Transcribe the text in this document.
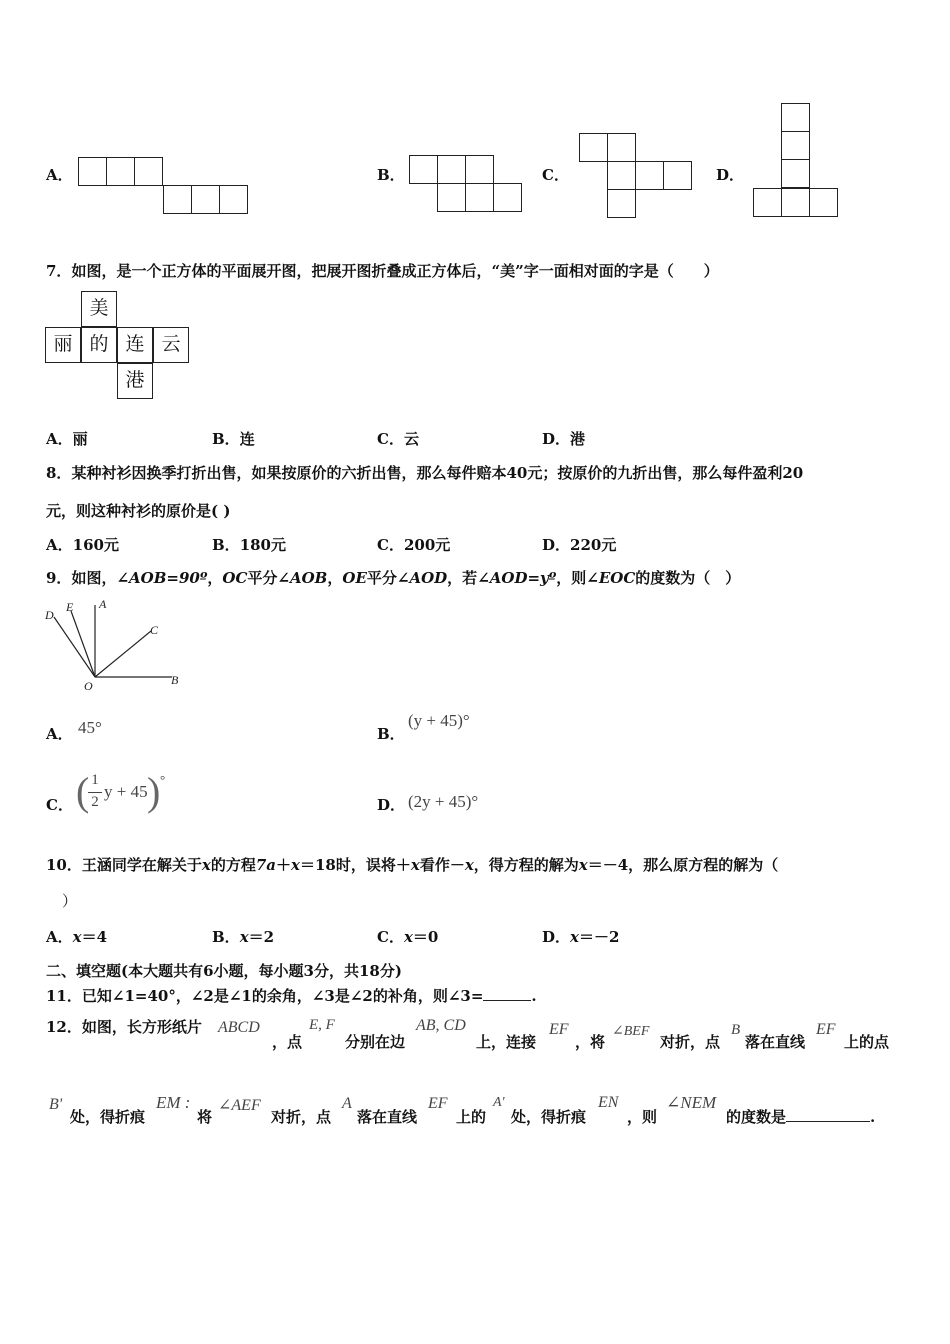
A．	B．	C．	D．
7．如图，是一个正方体的平面展开图，把展开图折叠成正方体后，“美”字一面相对面的字是（　　）
美
丽 的 连 云
港
A．丽	B．连	C．云	D．港
8．某种衬衫因换季打折出售，如果按原价的六折出售，那么每件赔本40元；按原价的九折出售，那么每件盈利20
元，则这种衬衫的原价是( )
A．160元	B．180元	C．200元	D．220元
9．如图，∠AOB=90º，OC平分∠AOB，OE平分∠AOD，若∠AOD=yº，则∠EOC的度数为（　）
D
E A
C
O	B
A． 45°	B．
(y + 45)°
C． ( 1
2
y + 45 ) °
D． (2y + 45)°
10．王涵同学在解关于x的方程7a＋x＝18时，误将＋x看作－x，得方程的解为x＝－4，那么原方程的解为（
）
A．x＝4	B．x＝2	C．x＝0	D．x＝－2
二、填空题(本大题共有6小题，每小题3分，共18分)
11．已知∠1=40°，∠2是∠1的余角，∠3是∠2的补角，则∠3=	.
12．如图，长方形纸片 ABCD
，点
E, F
分别在边
AB, CD
上，连接
EF
，将
∠BEF
对折，点
B
落在直线
EF
上的点
B'
处，得折痕
EM :
将
∠AEF
对折，点
A
落在直线
EF
上的
A'
处，得折痕
EN
，则
∠NEM
的度数是	.
